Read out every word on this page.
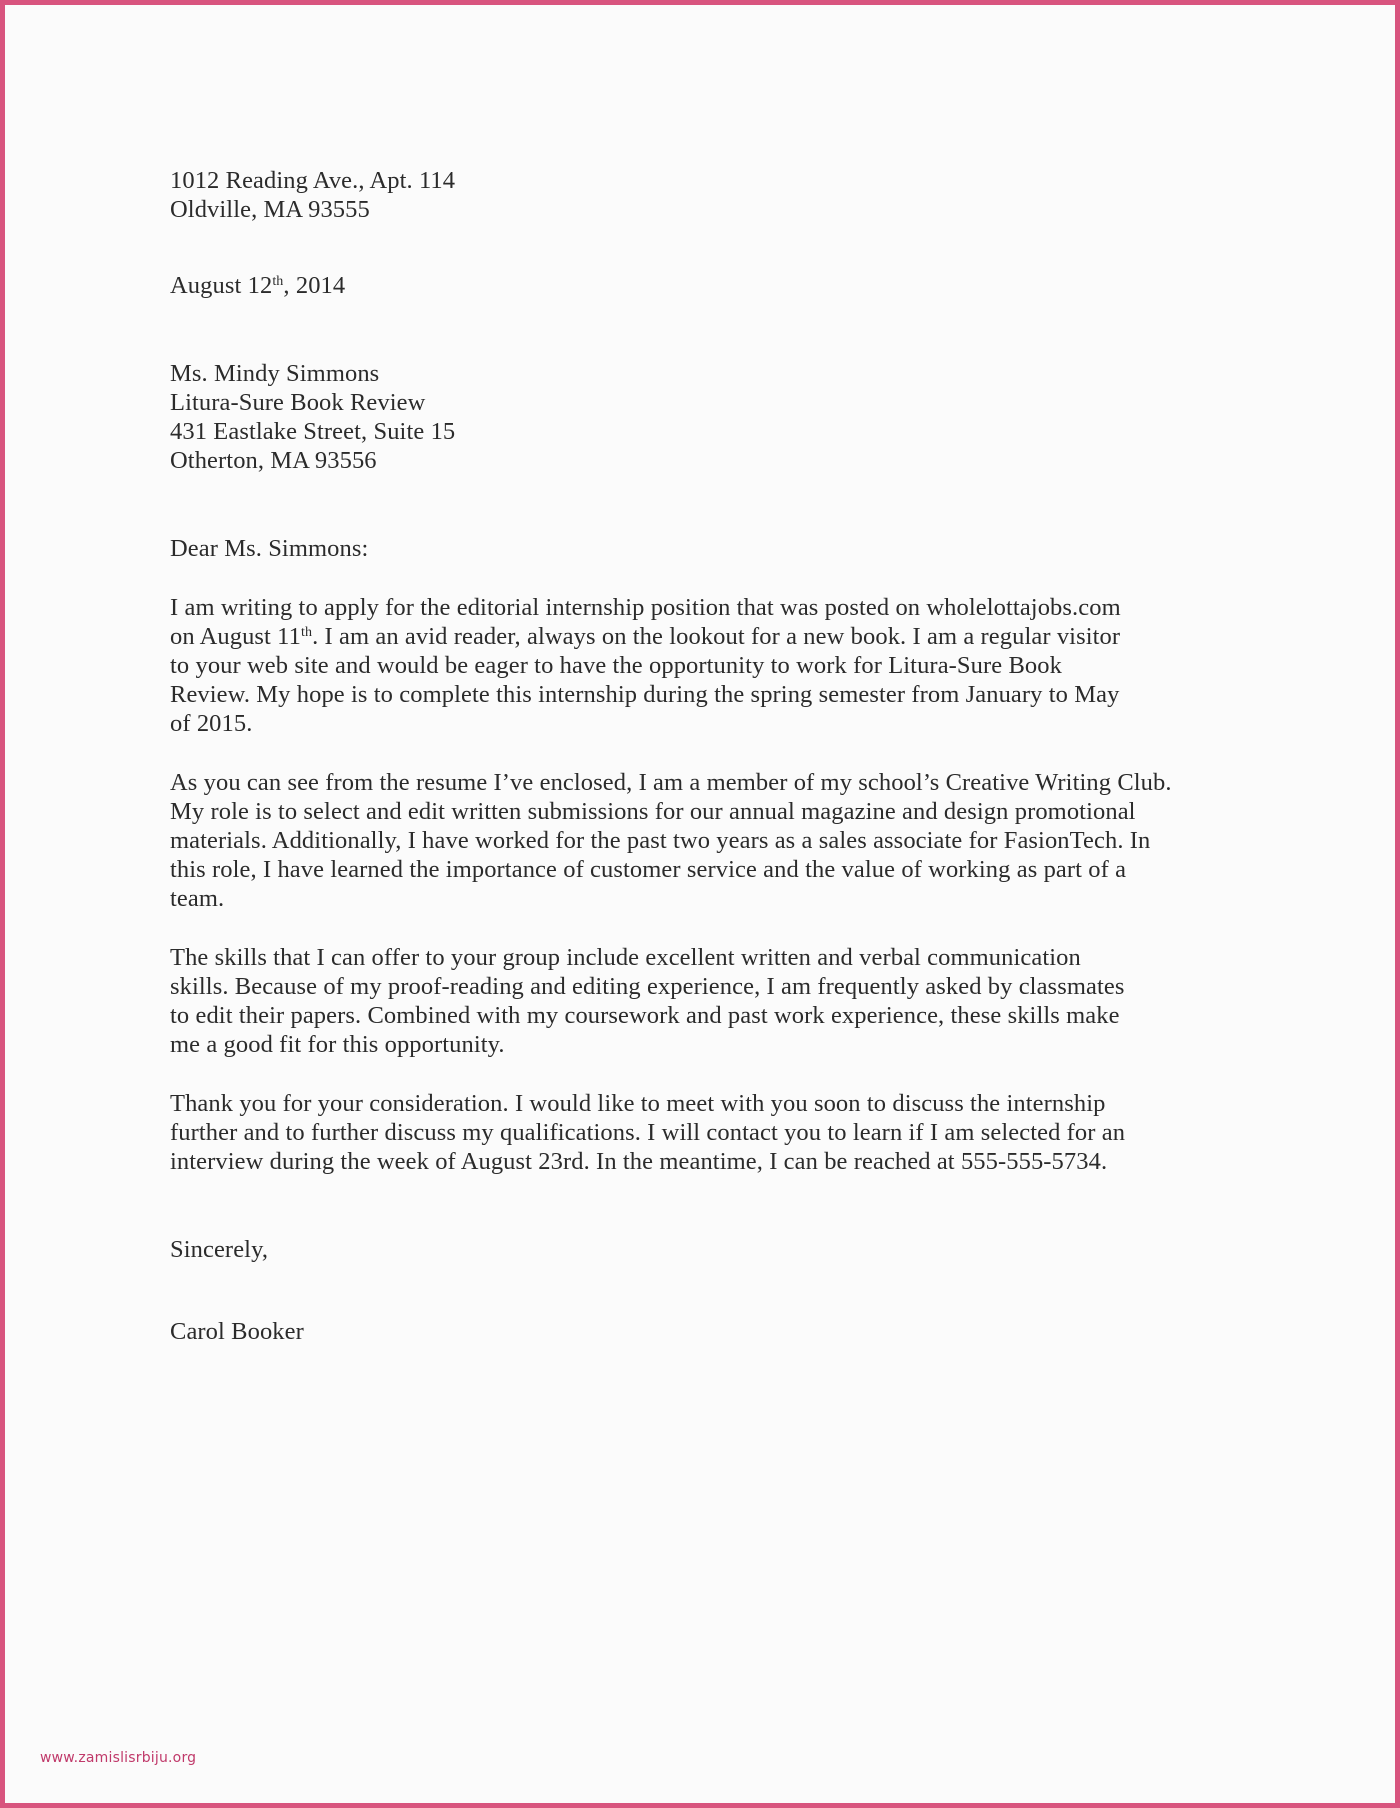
1012 Reading Ave., Apt. 114
Oldville, MA 93555
August 12th, 2014
Ms. Mindy Simmons
Litura-Sure Book Review
431 Eastlake Street, Suite 15
Otherton, MA 93556
Dear Ms. Simmons:
I am writing to apply for the editorial internship position that was posted on wholelottajobs.com
on August 11th. I am an avid reader, always on the lookout for a new book. I am a regular visitor
to your web site and would be eager to have the opportunity to work for Litura-Sure Book
Review. My hope is to complete this internship during the spring semester from January to May
of 2015.
As you can see from the resume I’ve enclosed, I am a member of my school’s Creative Writing Club.
My role is to select and edit written submissions for our annual magazine and design promotional
materials. Additionally, I have worked for the past two years as a sales associate for FasionTech. In
this role, I have learned the importance of customer service and the value of working as part of a
team.
The skills that I can offer to your group include excellent written and verbal communication
skills. Because of my proof-reading and editing experience, I am frequently asked by classmates
to edit their papers. Combined with my coursework and past work experience, these skills make
me a good fit for this opportunity.
Thank you for your consideration. I would like to meet with you soon to discuss the internship
further and to further discuss my qualifications. I will contact you to learn if I am selected for an
interview during the week of August 23rd. In the meantime, I can be reached at 555-555-5734.
Sincerely,
Carol Booker
www.zamislisrbiju.org
